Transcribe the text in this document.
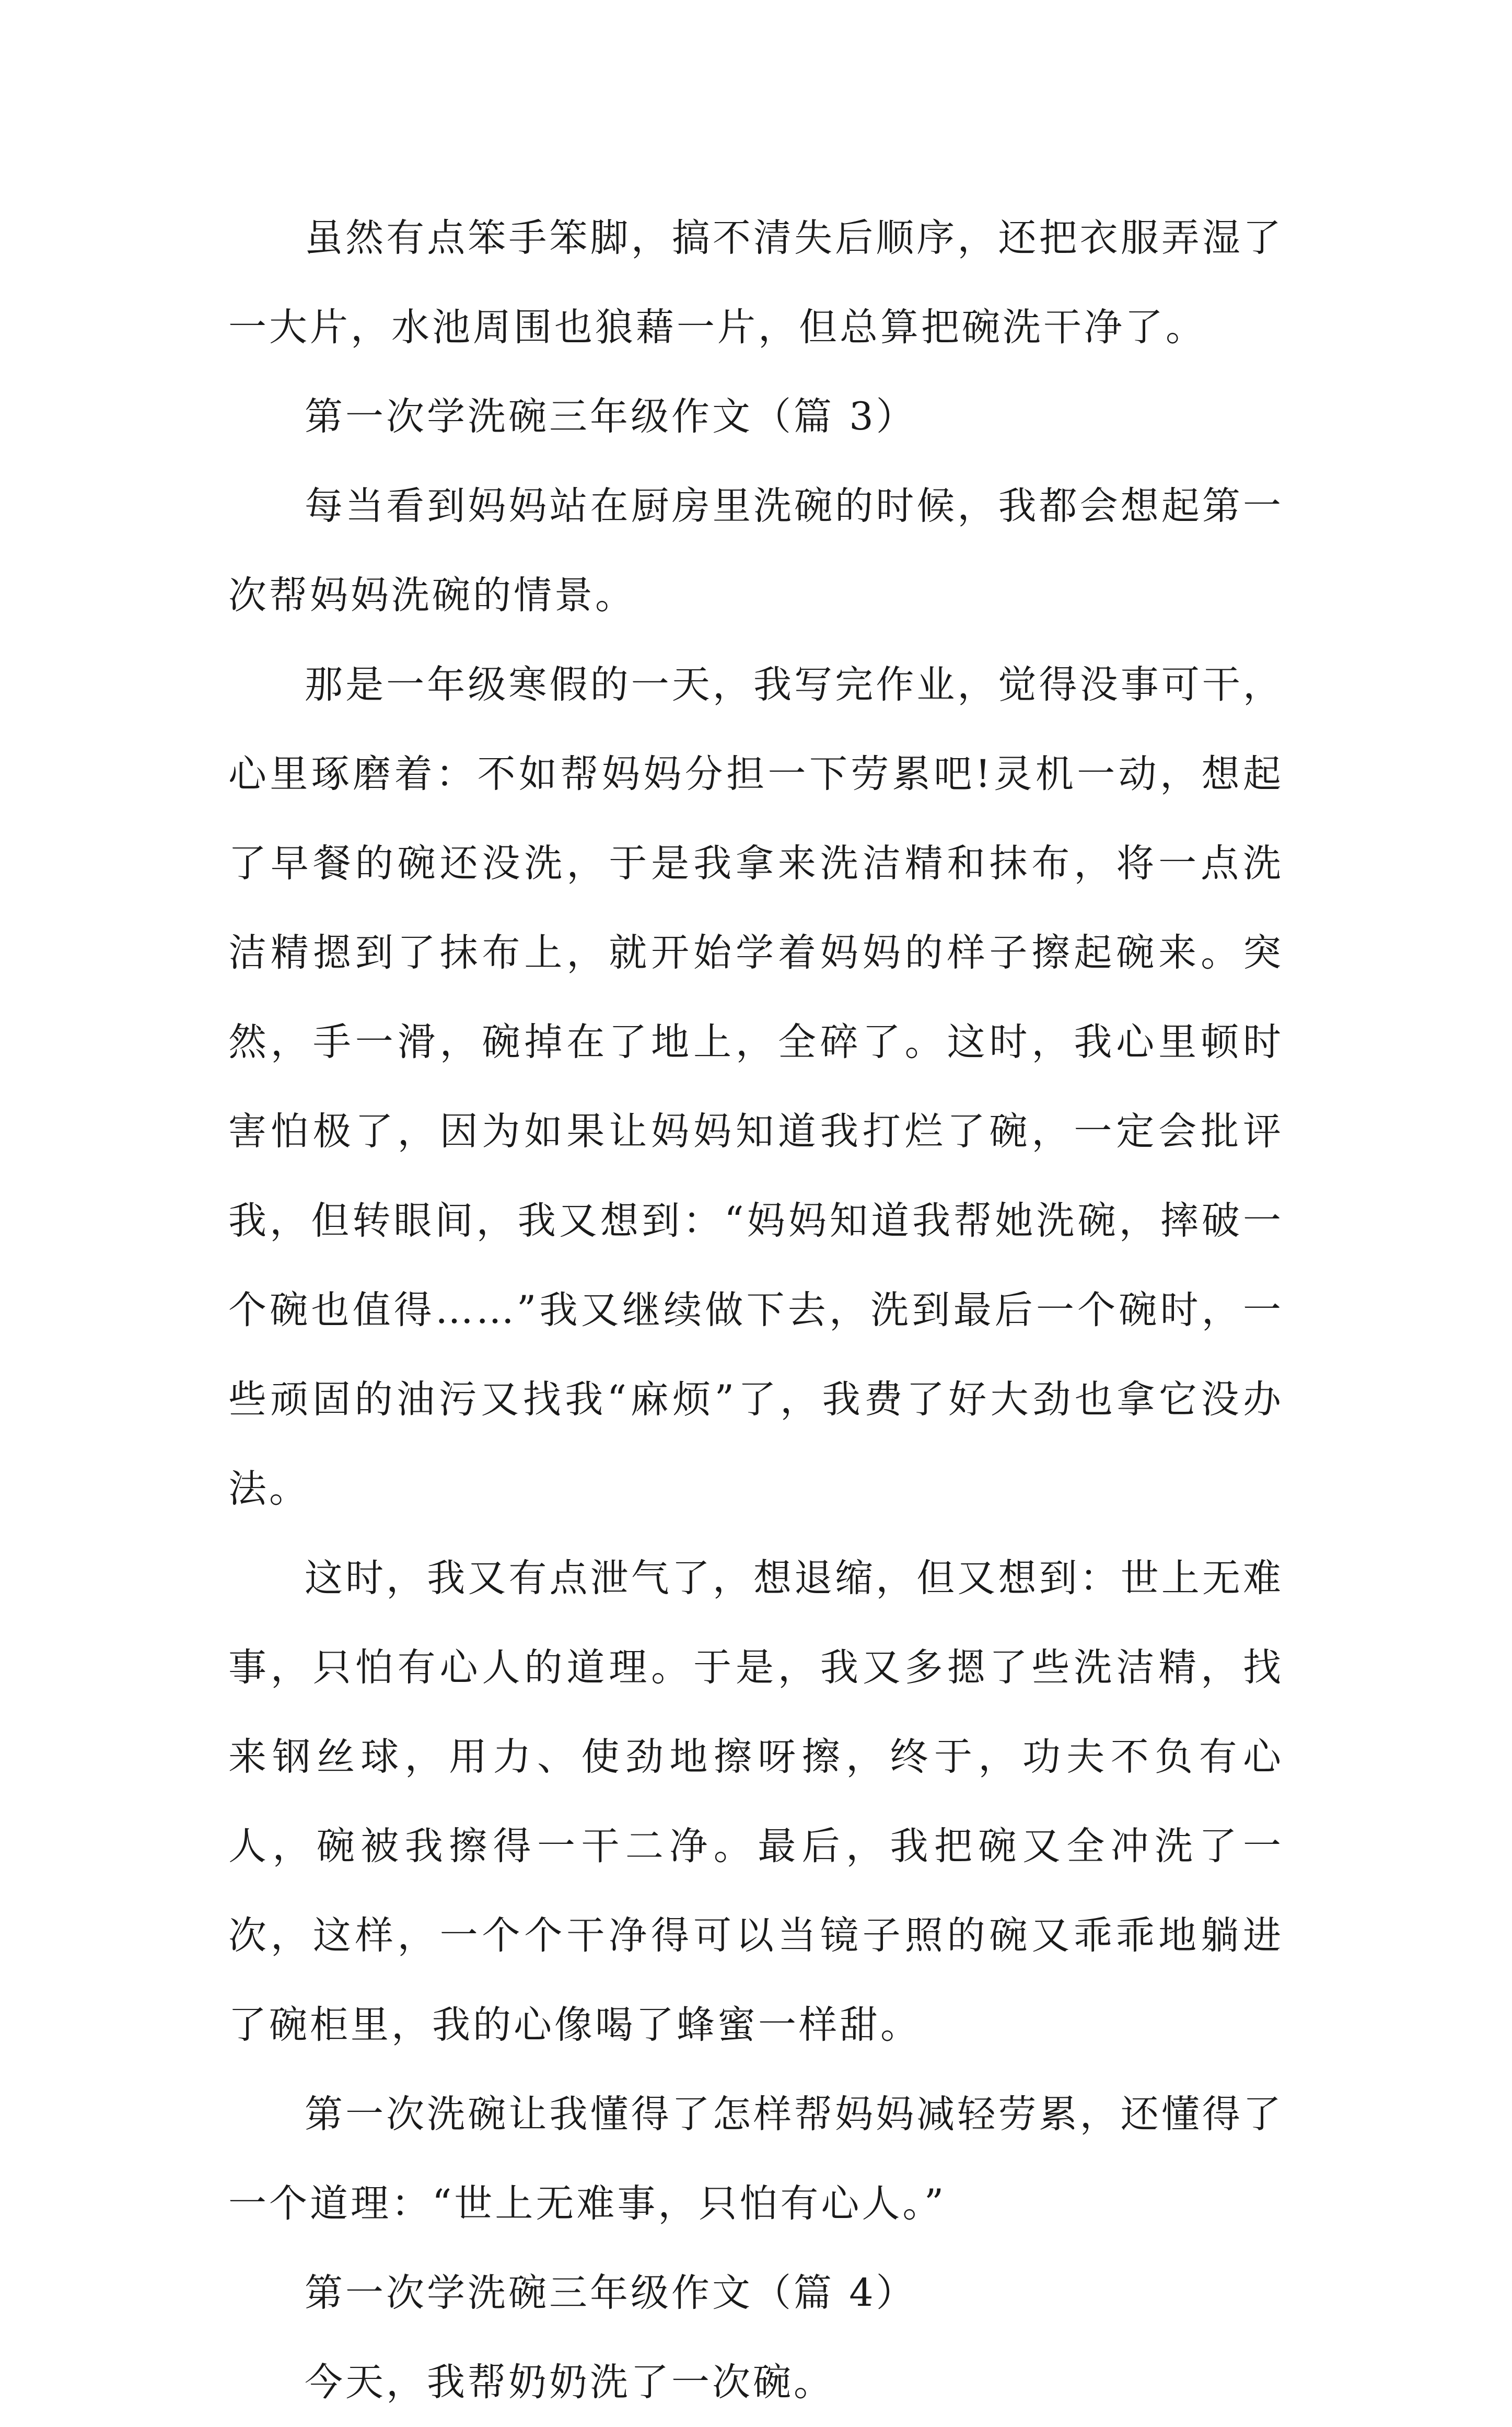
虽然有点笨手笨脚，搞不清失后顺序，还把衣服弄湿了一大片，水池周围也狼藉一片，但总算把碗洗干净了。

第一次学洗碗三年级作文（篇 3）

每当看到妈妈站在厨房里洗碗的时候，我都会想起第一次帮妈妈洗碗的情景。

那是一年级寒假的一天，我写完作业，觉得没事可干，心里琢磨着：不如帮妈妈分担一下劳累吧!灵机一动，想起了早餐的碗还没洗，于是我拿来洗洁精和抹布，将一点洗洁精摁到了抹布上，就开始学着妈妈的样子擦起碗来。突然，手一滑，碗掉在了地上，全碎了。这时，我心里顿时害怕极了，因为如果让妈妈知道我打烂了碗，一定会批评我，但转眼间，我又想到：“妈妈知道我帮她洗碗，摔破一个碗也值得……”我又继续做下去，洗到最后一个碗时，一些顽固的油污又找我“麻烦”了，我费了好大劲也拿它没办法。

这时，我又有点泄气了，想退缩，但又想到：世上无难事，只怕有心人的道理。于是，我又多摁了些洗洁精，找来钢丝球，用力、使劲地擦呀擦，终于，功夫不负有心人，碗被我擦得一干二净。最后，我把碗又全冲洗了一次，这样，一个个干净得可以当镜子照的碗又乖乖地躺进了碗柜里，我的心像喝了蜂蜜一样甜。

第一次洗碗让我懂得了怎样帮妈妈减轻劳累，还懂得了一个道理：“世上无难事，只怕有心人。”

第一次学洗碗三年级作文（篇 4）

今天，我帮奶奶洗了一次碗。
